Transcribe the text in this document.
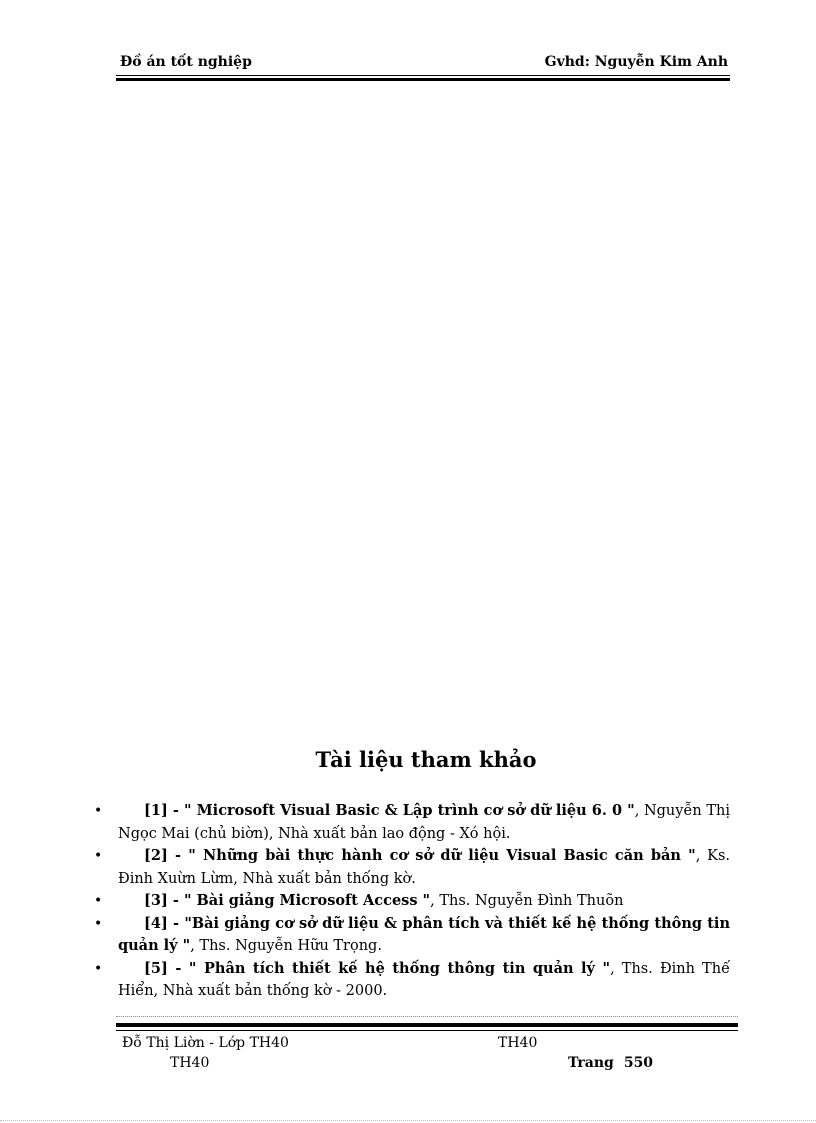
Đồ án tốt nghiệp	Gvhd: Nguyễn Kim Anh
Tài liệu tham khảo
•	[1] - " Microsoft Visual Basic & Lập trình cơ sở dữ liệu 6. 0 ", Nguyễn Thị Ngọc Mai (chủ biờn), Nhà xuất bản lao động - Xó hội.
•	[2] - " Những bài thực hành cơ sở dữ liệu Visual Basic căn bản ", Ks. Đinh Xuừn Lừm, Nhà xuất bản thống kờ.
•	[3] - " Bài giảng Microsoft Access ", Ths. Nguyễn Đình Thuõn
•	[4] - "Bài giảng cơ sở dữ liệu & phân tích và thiết kế hệ thống thông tin quản lý ", Ths. Nguyễn Hữu Trọng.
•	[5] - " Phân tích thiết kế hệ thống thông tin quản lý ", Ths. Đinh Thế Hiển, Nhà xuất bản thống kờ - 2000.
Đỗ Thị Liờn - Lớp TH40	TH40
TH40	Trang 550
